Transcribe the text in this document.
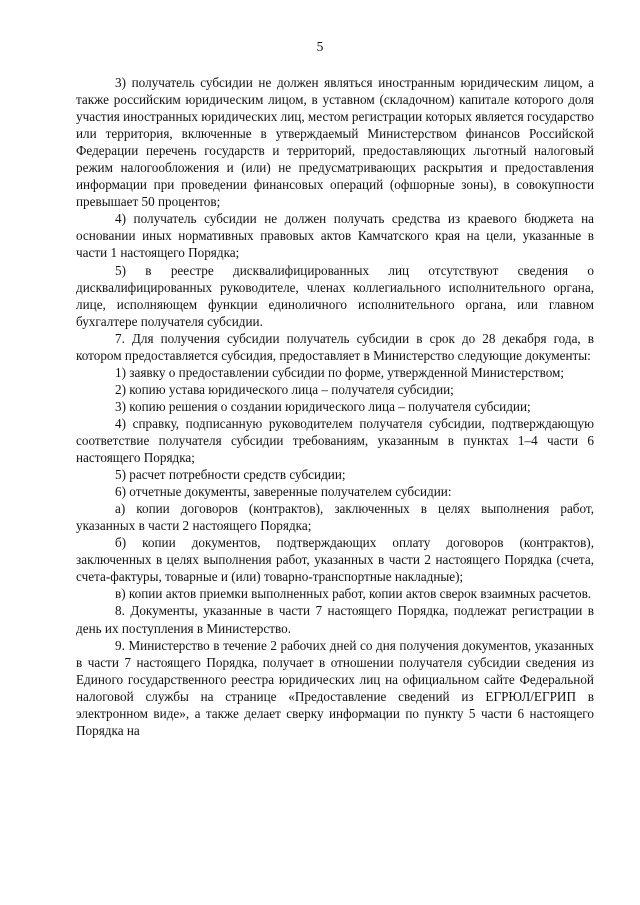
5

3) получатель субсидии не должен являться иностранным юридическим лицом, а также российским юридическим лицом, в уставном (складочном) капитале которого доля участия иностранных юридических лиц, местом регистрации которых является государство или территория, включенные в утверждаемый Министерством финансов Российской Федерации перечень государств и территорий, предоставляющих льготный налоговый режим налогообложения и (или) не предусматривающих раскрытия и предоставления информации при проведении финансовых операций (офшорные зоны), в совокупности превышает 50 процентов;

4) получатель субсидии не должен получать средства из краевого бюджета на основании иных нормативных правовых актов Камчатского края на цели, указанные в части 1 настоящего Порядка;

5) в реестре дисквалифицированных лиц отсутствуют сведения о дисквалифицированных руководителе, членах коллегиального исполнительного органа, лице, исполняющем функции единоличного исполнительного органа, или главном бухгалтере получателя субсидии.

7. Для получения субсидии получатель субсидии в срок до 28 декабря года, в котором предоставляется субсидия, предоставляет в Министерство следующие документы:

1) заявку о предоставлении субсидии по форме, утвержденной Министерством;

2) копию устава юридического лица – получателя субсидии;

3) копию решения о создании юридического лица – получателя субсидии;

4) справку, подписанную руководителем получателя субсидии, подтверждающую соответствие получателя субсидии требованиям, указанным в пунктах 1–4 части 6 настоящего Порядка;

5) расчет потребности средств субсидии;

6) отчетные документы, заверенные получателем субсидии:

а) копии договоров (контрактов), заключенных в целях выполнения работ, указанных в части 2 настоящего Порядка;

б) копии документов, подтверждающих оплату договоров (контрактов), заключенных в целях выполнения работ, указанных в части 2 настоящего Порядка (счета, счета-фактуры, товарные и (или) товарно-транспортные накладные);

в) копии актов приемки выполненных работ, копии актов сверок взаимных расчетов.

8. Документы, указанные в части 7 настоящего Порядка, подлежат регистрации в день их поступления в Министерство.

9. Министерство в течение 2 рабочих дней со дня получения документов, указанных в части 7 настоящего Порядка, получает в отношении получателя субсидии сведения из Единого государственного реестра юридических лиц на официальном сайте Федеральной налоговой службы на странице «Предоставление сведений из ЕГРЮЛ/ЕГРИП в электронном виде», а также делает сверку информации по пункту 5 части 6 настоящего Порядка на
